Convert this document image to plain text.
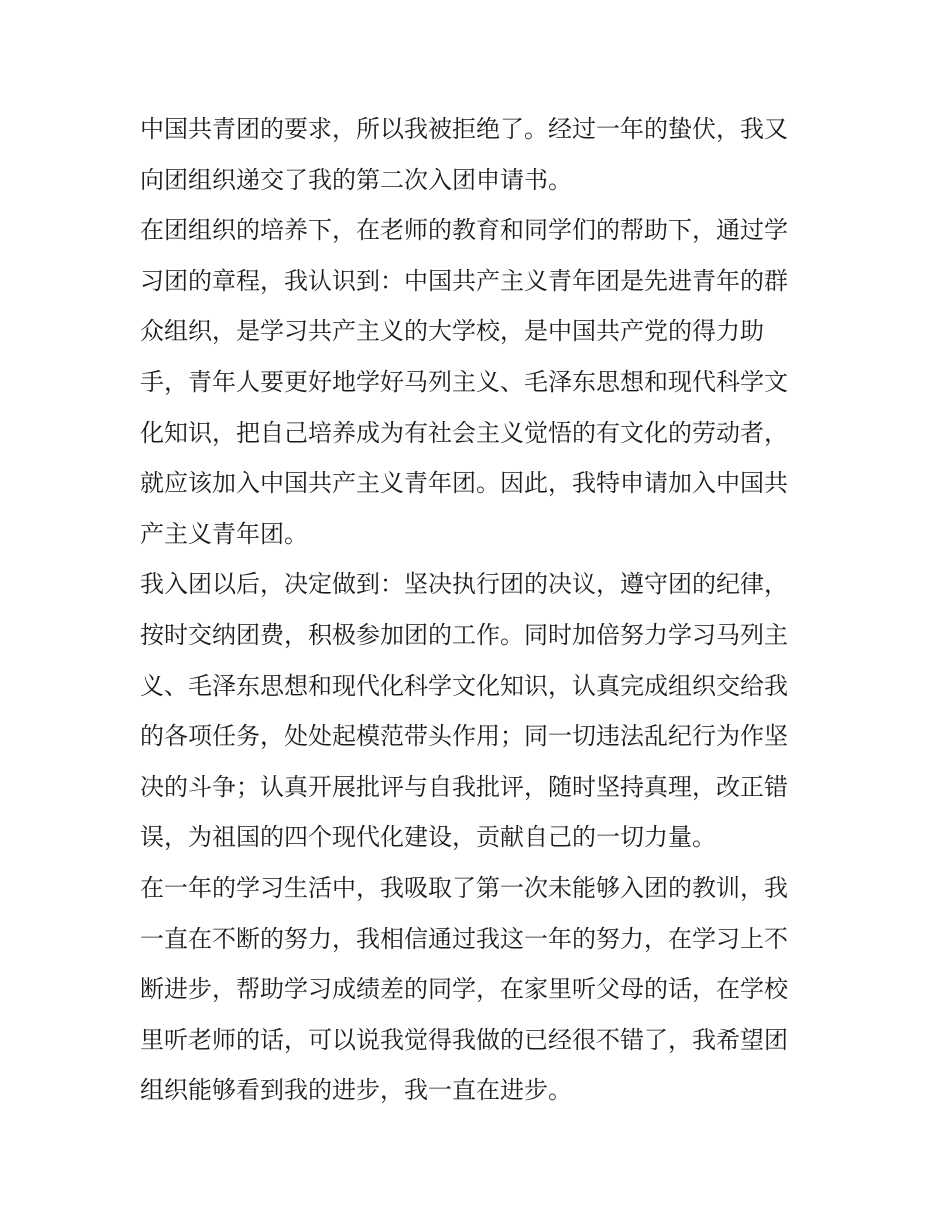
中国共青团的要求，所以我被拒绝了。经过一年的蛰伏，我又
向团组织递交了我的第二次入团申请书。
在团组织的培养下，在老师的教育和同学们的帮助下，通过学
习团的章程，我认识到：中国共产主义青年团是先进青年的群
众组织，是学习共产主义的大学校，是中国共产党的得力助
手，青年人要更好地学好马列主义、毛泽东思想和现代科学文
化知识，把自己培养成为有社会主义觉悟的有文化的劳动者，
就应该加入中国共产主义青年团。因此，我特申请加入中国共
产主义青年团。
我入团以后，决定做到：坚决执行团的决议，遵守团的纪律，
按时交纳团费，积极参加团的工作。同时加倍努力学习马列主
义、毛泽东思想和现代化科学文化知识，认真完成组织交给我
的各项任务，处处起模范带头作用；同一切违法乱纪行为作坚
决的斗争；认真开展批评与自我批评，随时坚持真理，改正错
误，为祖国的四个现代化建设，贡献自己的一切力量。
在一年的学习生活中，我吸取了第一次未能够入团的教训，我
一直在不断的努力，我相信通过我这一年的努力，在学习上不
断进步，帮助学习成绩差的同学，在家里听父母的话，在学校
里听老师的话，可以说我觉得我做的已经很不错了，我希望团
组织能够看到我的进步，我一直在进步。
